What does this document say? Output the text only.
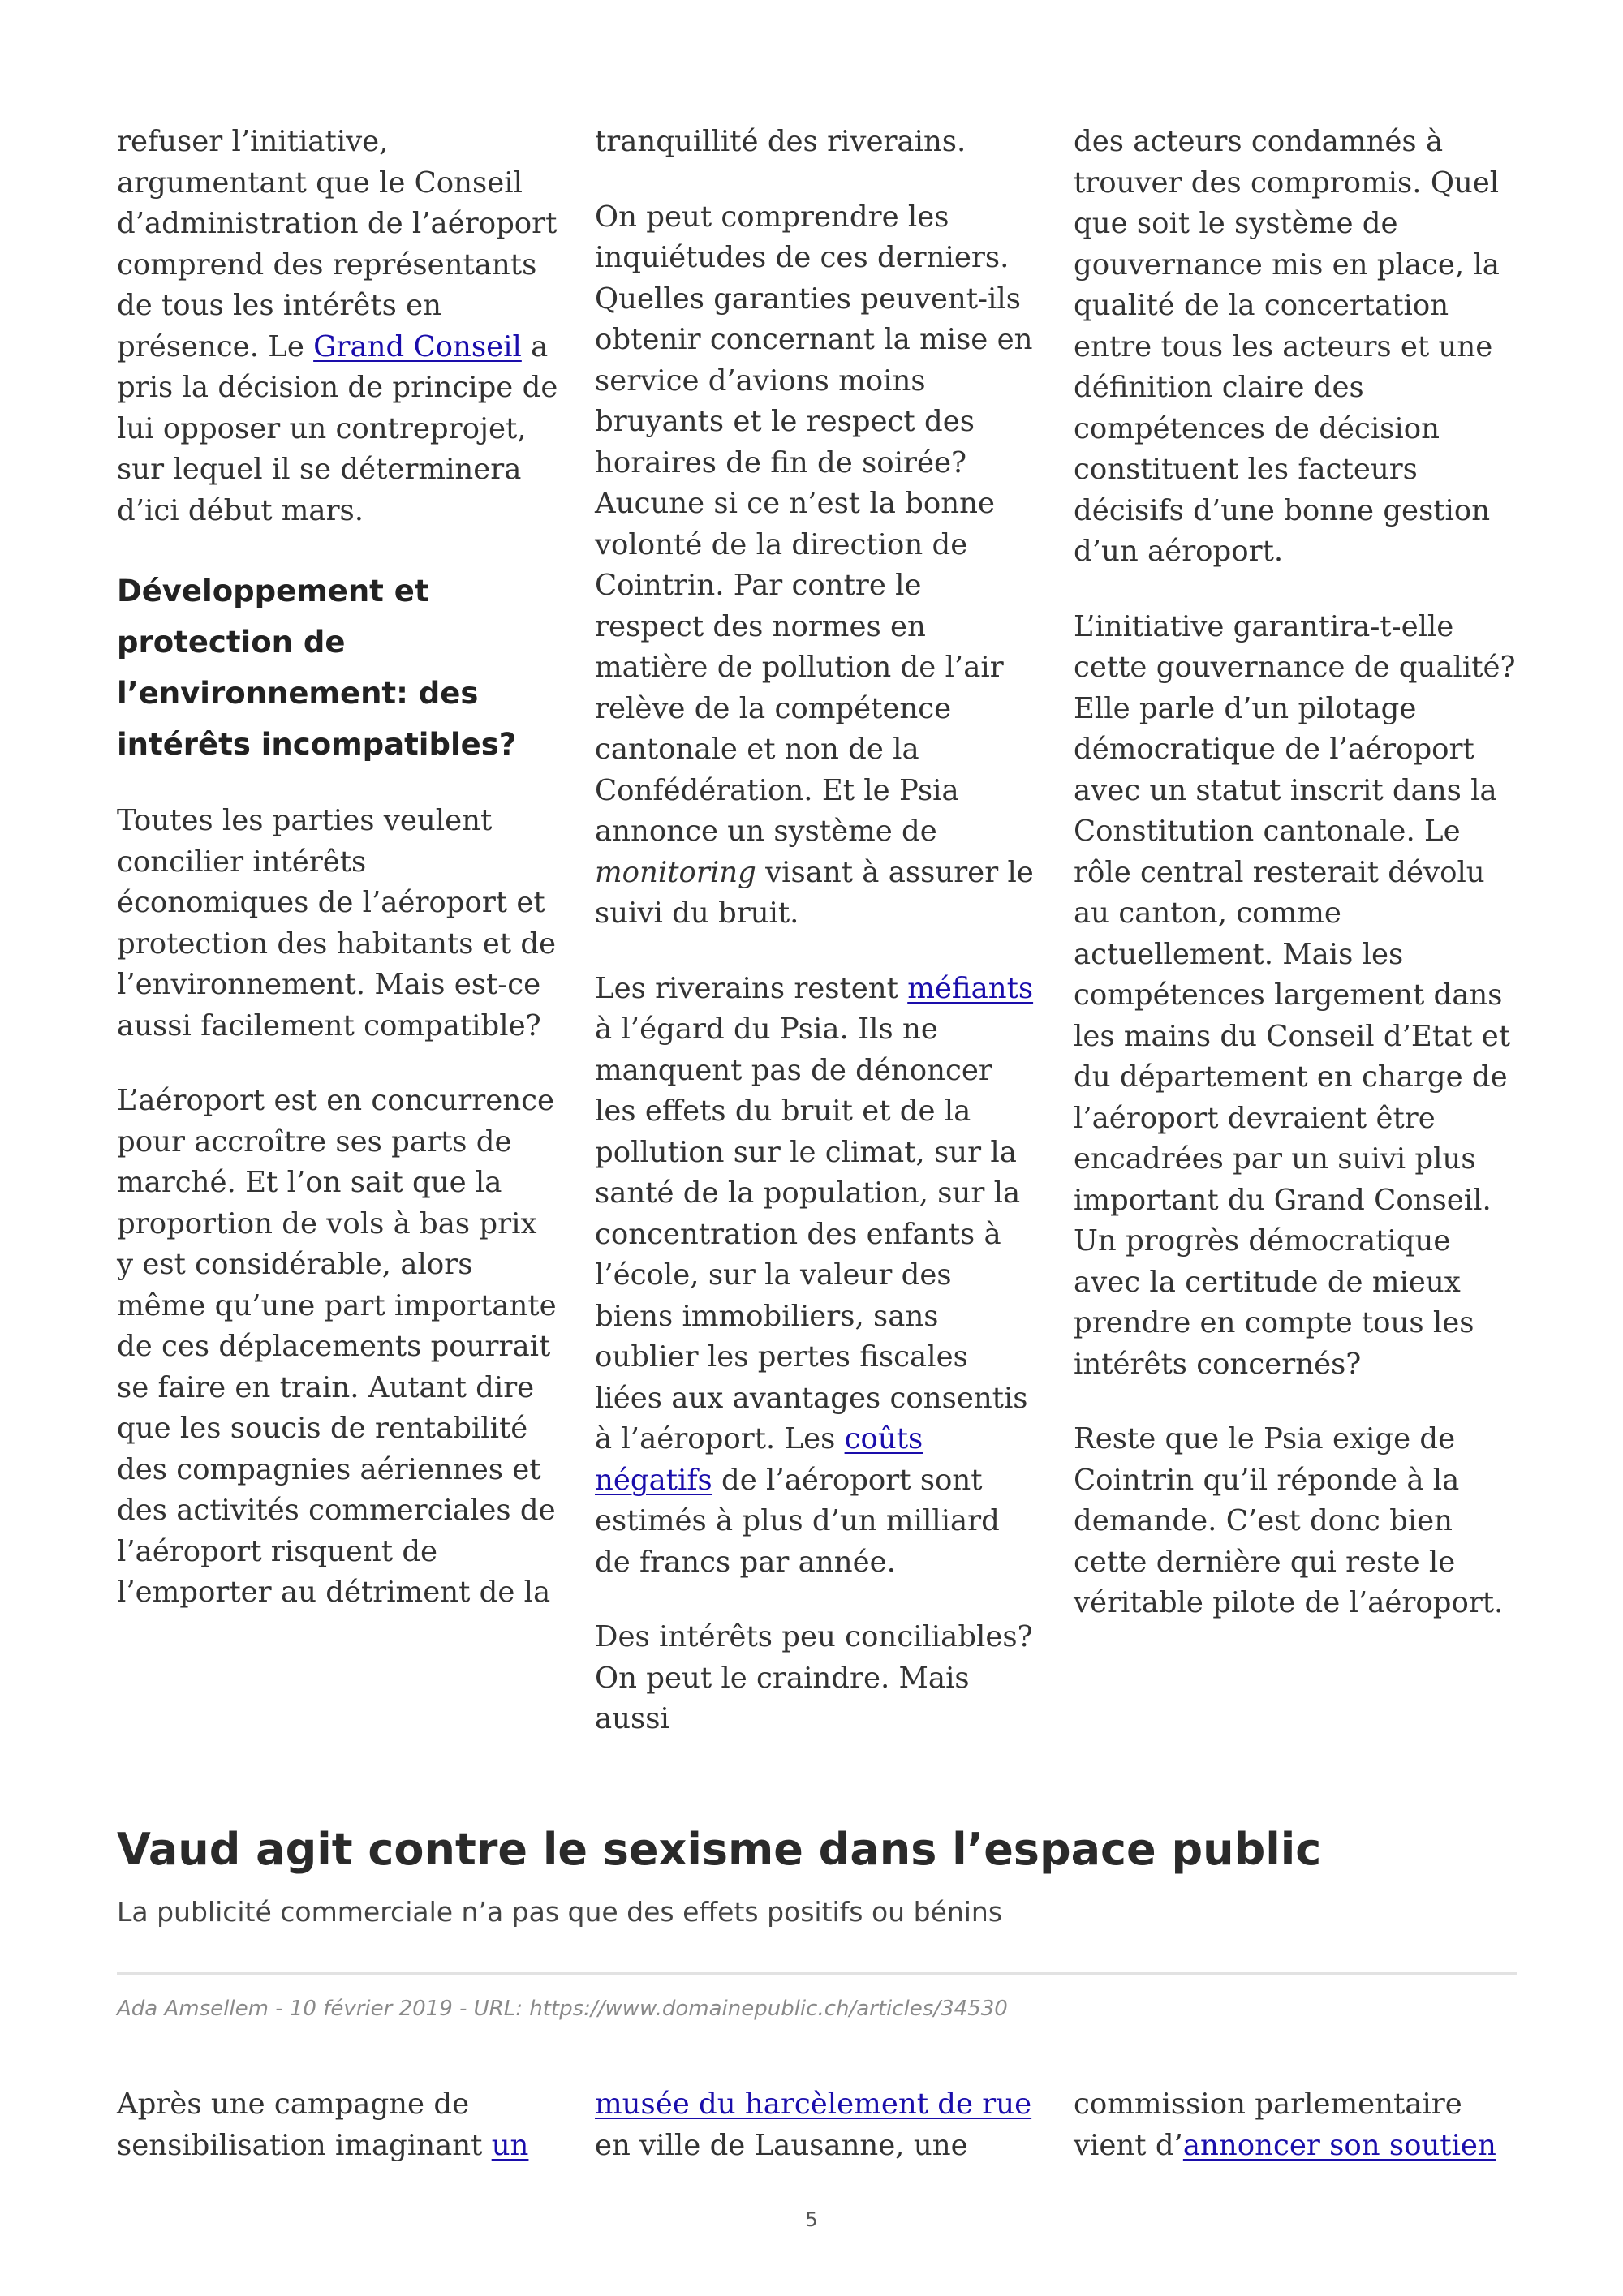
refuser l’initiative, argumentant que le Conseil d’administration de l’aéroport comprend des représentants de tous les intérêts en présence. Le Grand Conseil a pris la décision de principe de lui opposer un contreprojet, sur lequel il se déterminera d’ici début mars.

Développement et protection de l’environnement: des intérêts incompatibles?

Toutes les parties veulent concilier intérêts économiques de l’aéroport et protection des habitants et de l’environnement. Mais est-ce aussi facilement compatible?

L’aéroport est en concurrence pour accroître ses parts de marché. Et l’on sait que la proportion de vols à bas prix y est considérable, alors même qu’une part importante de ces déplacements pourrait se faire en train. Autant dire que les soucis de rentabilité des compagnies aériennes et des activités commerciales de l’aéroport risquent de l’emporter au détriment de la

tranquillité des riverains.

On peut comprendre les inquiétudes de ces derniers. Quelles garanties peuvent-ils obtenir concernant la mise en service d’avions moins bruyants et le respect des horaires de fin de soirée? Aucune si ce n’est la bonne volonté de la direction de Cointrin. Par contre le respect des normes en matière de pollution de l’air relève de la compétence cantonale et non de la Confédération. Et le Psia annonce un système de monitoring visant à assurer le suivi du bruit.

Les riverains restent méfiants à l’égard du Psia. Ils ne manquent pas de dénoncer les effets du bruit et de la pollution sur le climat, sur la santé de la population, sur la concentration des enfants à l’école, sur la valeur des biens immobiliers, sans oublier les pertes fiscales liées aux avantages consentis à l’aéroport. Les coûts négatifs de l’aéroport sont estimés à plus d’un milliard de francs par année.

Des intérêts peu conciliables? On peut le craindre. Mais aussi

des acteurs condamnés à trouver des compromis. Quel que soit le système de gouvernance mis en place, la qualité de la concertation entre tous les acteurs et une définition claire des compétences de décision constituent les facteurs décisifs d’une bonne gestion d’un aéroport.

L’initiative garantira-t-elle cette gouvernance de qualité? Elle parle d’un pilotage démocratique de l’aéroport avec un statut inscrit dans la Constitution cantonale. Le rôle central resterait dévolu au canton, comme actuellement. Mais les compétences largement dans les mains du Conseil d’Etat et du département en charge de l’aéroport devraient être encadrées par un suivi plus important du Grand Conseil. Un progrès démocratique avec la certitude de mieux prendre en compte tous les intérêts concernés?

Reste que le Psia exige de Cointrin qu’il réponde à la demande. C’est donc bien cette dernière qui reste le véritable pilote de l’aéroport.

Vaud agit contre le sexisme dans l’espace public
La publicité commerciale n’a pas que des effets positifs ou bénins
Ada Amsellem - 10 février 2019 - URL: https://www.domainepublic.ch/articles/34530
Après une campagne de sensibilisation imaginant un
musée du harcèlement de rue en ville de Lausanne, une
commission parlementaire vient d’annoncer son soutien
5
